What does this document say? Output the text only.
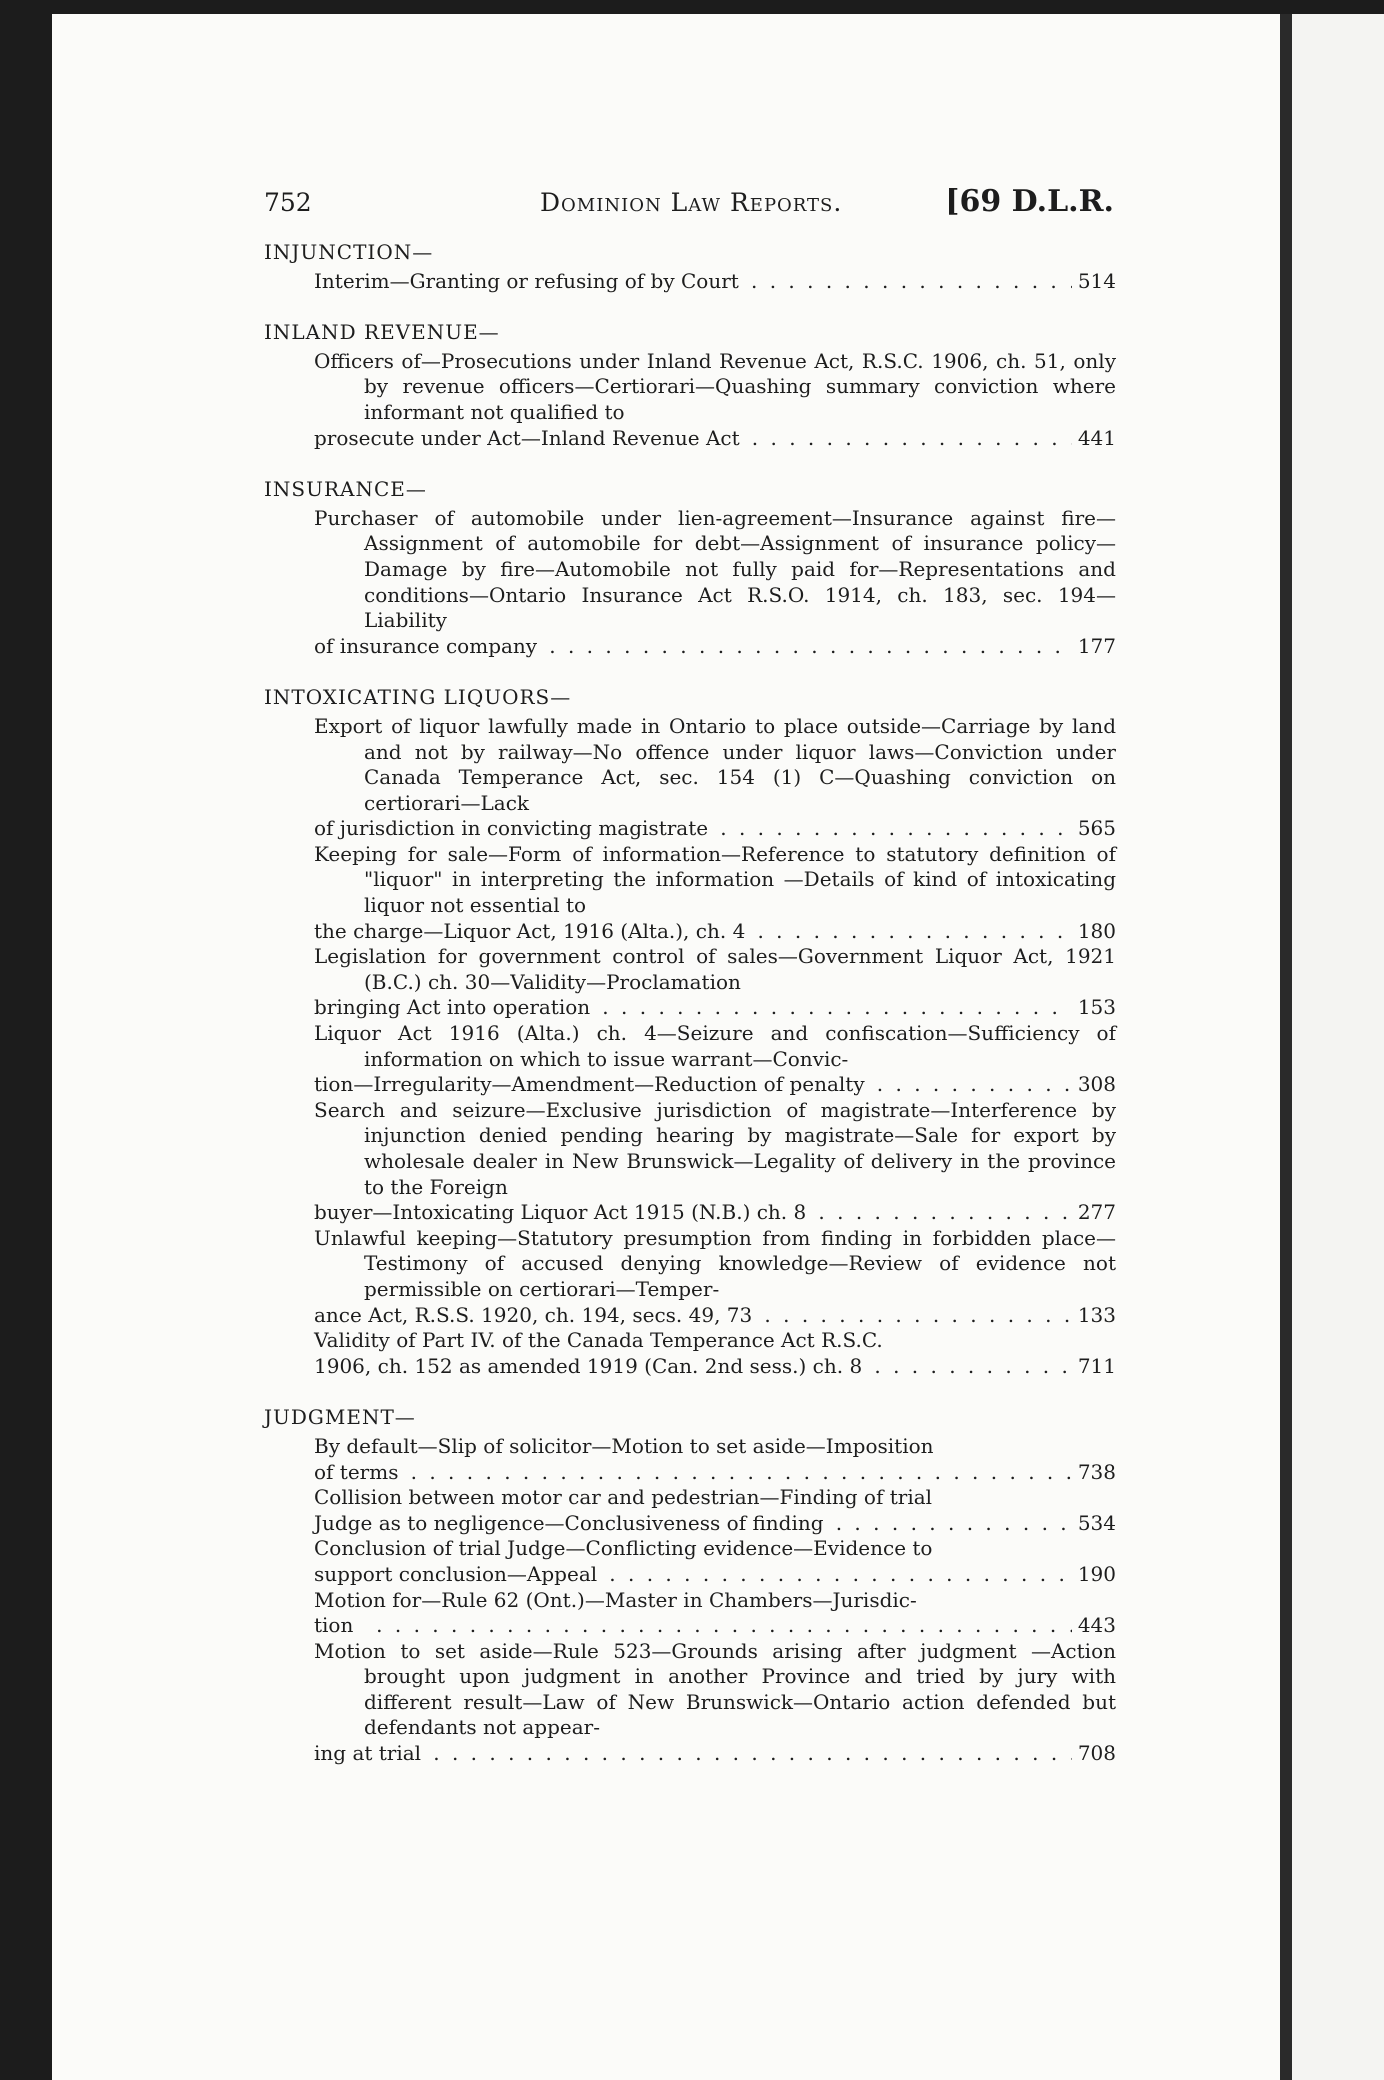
752	Dominion Law Reports.	[69 D.L.R.
INJUNCTION—
Interim—Granting or refusing of by Court . . .	514
INLAND REVENUE—
Officers of—Prosecutions under Inland Revenue Act, R.S.C. 1906, ch. 51, only by revenue officers—Certiorari—Quashing summary conviction where informant not qualified to
prosecute under Act—Inland Revenue Act . . .	441
INSURANCE—
Purchaser of automobile under lien-agreement—Insurance against fire—Assignment of automobile for debt—Assignment of insurance policy—Damage by fire—Automobile not fully paid for—Representations and conditions—Ontario Insurance Act R.S.O. 1914, ch. 183, sec. 194—Liability
of insurance company . . .	177
INTOXICATING LIQUORS—
Export of liquor lawfully made in Ontario to place outside—Carriage by land and not by railway—No offence under liquor laws—Conviction under Canada Temperance Act, sec. 154 (1) C—Quashing conviction on certiorari—Lack
of jurisdiction in convicting magistrate . . .	565
Keeping for sale—Form of information—Reference to statutory definition of "liquor" in interpreting the information —Details of kind of intoxicating liquor not essential to
the charge—Liquor Act, 1916 (Alta.), ch. 4 . . .	180
Legislation for government control of sales—Government Liquor Act, 1921 (B.C.) ch. 30—Validity—Proclamation
bringing Act into operation . . .	153
Liquor Act 1916 (Alta.) ch. 4—Seizure and confiscation—Sufficiency of information on which to issue warrant—Convic-
tion—Irregularity—Amendment—Reduction of penalty . . .	308
Search and seizure—Exclusive jurisdiction of magistrate—Interference by injunction denied pending hearing by magistrate—Sale for export by wholesale dealer in New Brunswick—Legality of delivery in the province to the Foreign
buyer—Intoxicating Liquor Act 1915 (N.B.) ch. 8 . . .	277
Unlawful keeping—Statutory presumption from finding in forbidden place—Testimony of accused denying knowledge—Review of evidence not permissible on certiorari—Temper-
ance Act, R.S.S. 1920, ch. 194, secs. 49, 73 . . .	133
Validity of Part IV. of the Canada Temperance Act R.S.C.
1906, ch. 152 as amended 1919 (Can. 2nd sess.) ch. 8 . . .	711
JUDGMENT—
By default—Slip of solicitor—Motion to set aside—Imposition
of terms . . .	738
Collision between motor car and pedestrian—Finding of trial
Judge as to negligence—Conclusiveness of finding . . .	534
Conclusion of trial Judge—Conflicting evidence—Evidence to
support conclusion—Appeal . . .	190
Motion for—Rule 62 (Ont.)—Master in Chambers—Jurisdic-
tion . . .	443
Motion to set aside—Rule 523—Grounds arising after judgment —Action brought upon judgment in another Province and tried by jury with different result—Law of New Brunswick—Ontario action defended but defendants not appear-
ing at trial . . .	708
